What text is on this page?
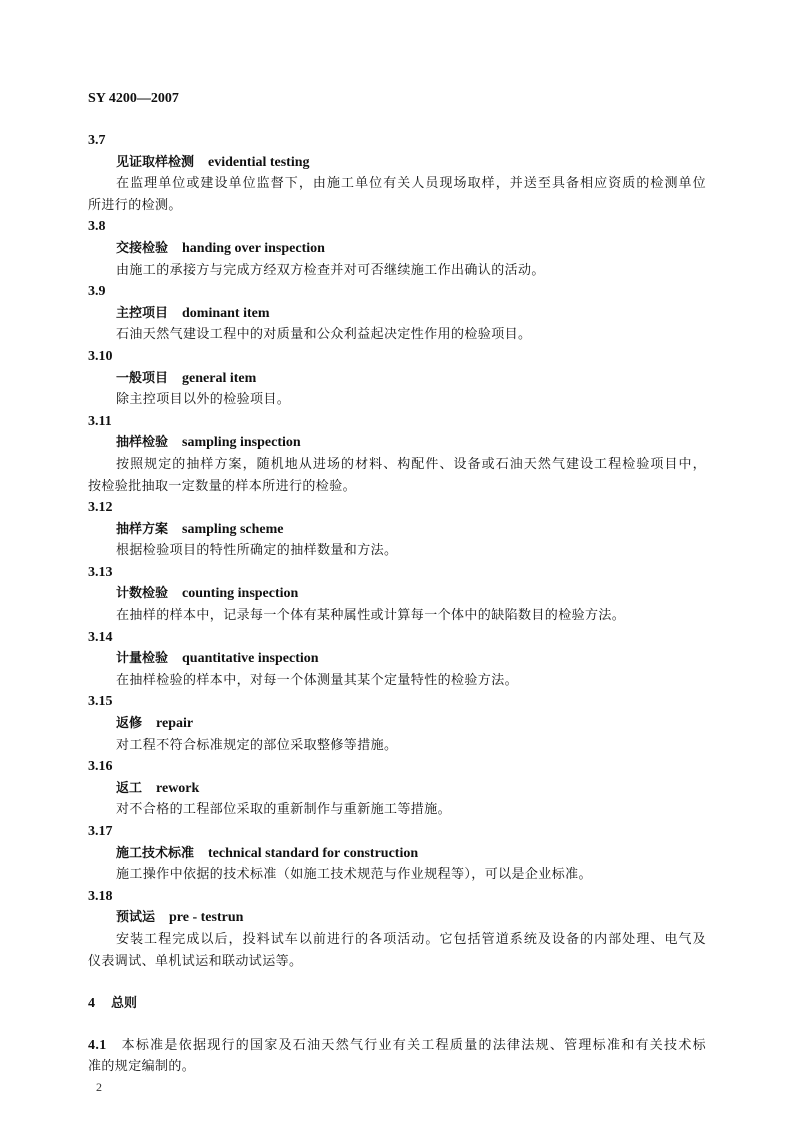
SY 4200—2007
3.7
见证取样检测 evidential testing
在监理单位或建设单位监督下，由施工单位有关人员现场取样，并送至具备相应资质的检测单位
所进行的检测。
3.8
交接检验 handing over inspection
由施工的承接方与完成方经双方检查并对可否继续施工作出确认的活动。
3.9
主控项目 dominant item
石油天然气建设工程中的对质量和公众利益起决定性作用的检验项目。
3.10
一般项目 general item
除主控项目以外的检验项目。
3.11
抽样检验 sampling inspection
按照规定的抽样方案，随机地从进场的材料、构配件、设备或石油天然气建设工程检验项目中，
按检验批抽取一定数量的样本所进行的检验。
3.12
抽样方案 sampling scheme
根据检验项目的特性所确定的抽样数量和方法。
3.13
计数检验 counting inspection
在抽样的样本中，记录每一个体有某种属性或计算每一个体中的缺陷数目的检验方法。
3.14
计量检验 quantitative inspection
在抽样检验的样本中，对每一个体测量其某个定量特性的检验方法。
3.15
返修 repair
对工程不符合标准规定的部位采取整修等措施。
3.16
返工 rework
对不合格的工程部位采取的重新制作与重新施工等措施。
3.17
施工技术标准 technical standard for construction
施工操作中依据的技术标准（如施工技术规范与作业规程等），可以是企业标准。
3.18
预试运 pre - testrun
安装工程完成以后，投料试车以前进行的各项活动。它包括管道系统及设备的内部处理、电气及
仪表调试、单机试运和联动试运等。
4 总则
4.1 本标准是依据现行的国家及石油天然气行业有关工程质量的法律法规、管理标准和有关技术标
准的规定编制的。
2
